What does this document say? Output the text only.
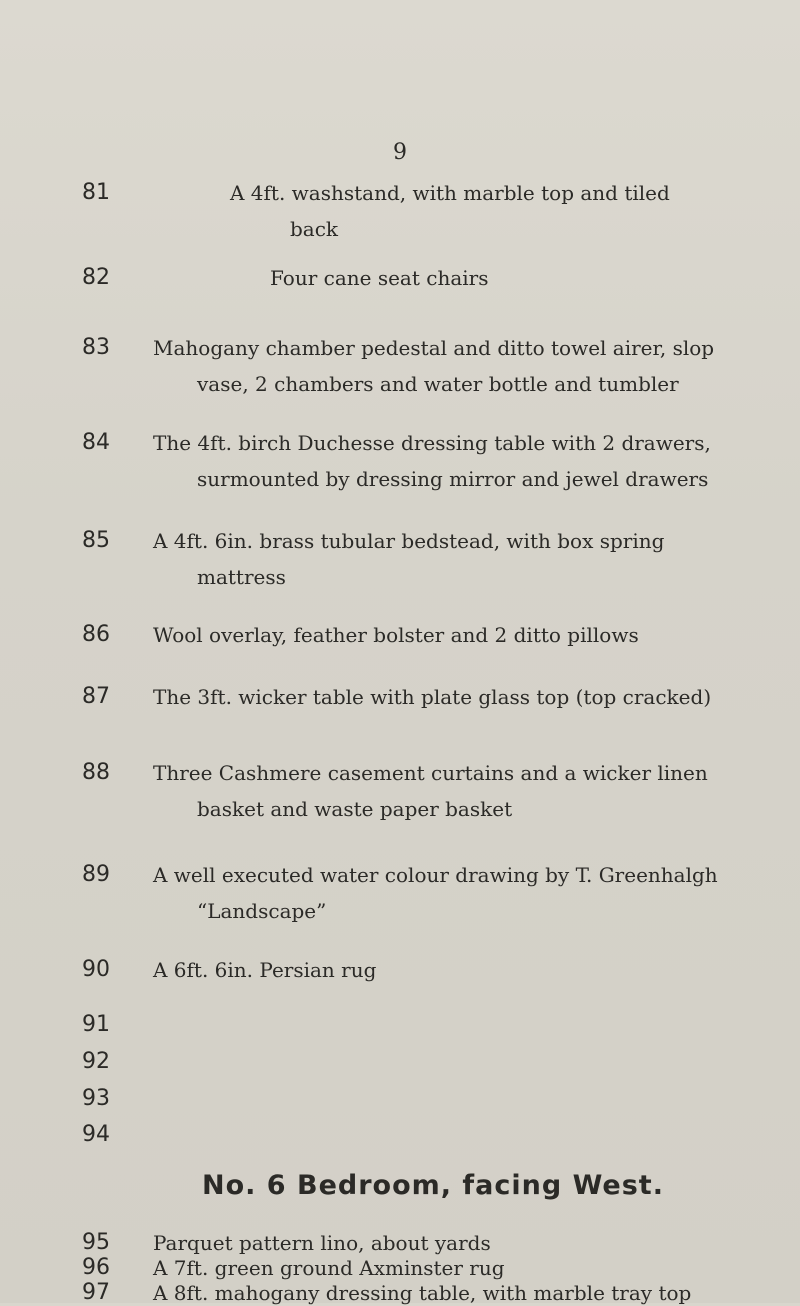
9
81	A 4ft. washstand, with marble top and tiled
back
82	Four cane seat chairs
83	Mahogany chamber pedestal and ditto towel airer, slop
vase, 2 chambers and water bottle and tumbler
84	The 4ft. birch Duchesse dressing table with 2 drawers,
surmounted by dressing mirror and jewel drawers
85	A 4ft. 6in. brass tubular bedstead, with box spring
mattress
86	Wool overlay, feather bolster and 2 ditto pillows
87	The 3ft. wicker table with plate glass top (top cracked)
88	Three Cashmere casement curtains and a wicker linen
basket and waste paper basket
89	A well executed water colour drawing by T. Greenhalgh
“Landscape”
90	A 6ft. 6in. Persian rug
91
92
93
94
No. 6 Bedroom, facing West.
95	Parquet pattern lino, about yards
96	A 7ft. green ground Axminster rug
97	A 8ft. mahogany dressing table, with marble tray top
